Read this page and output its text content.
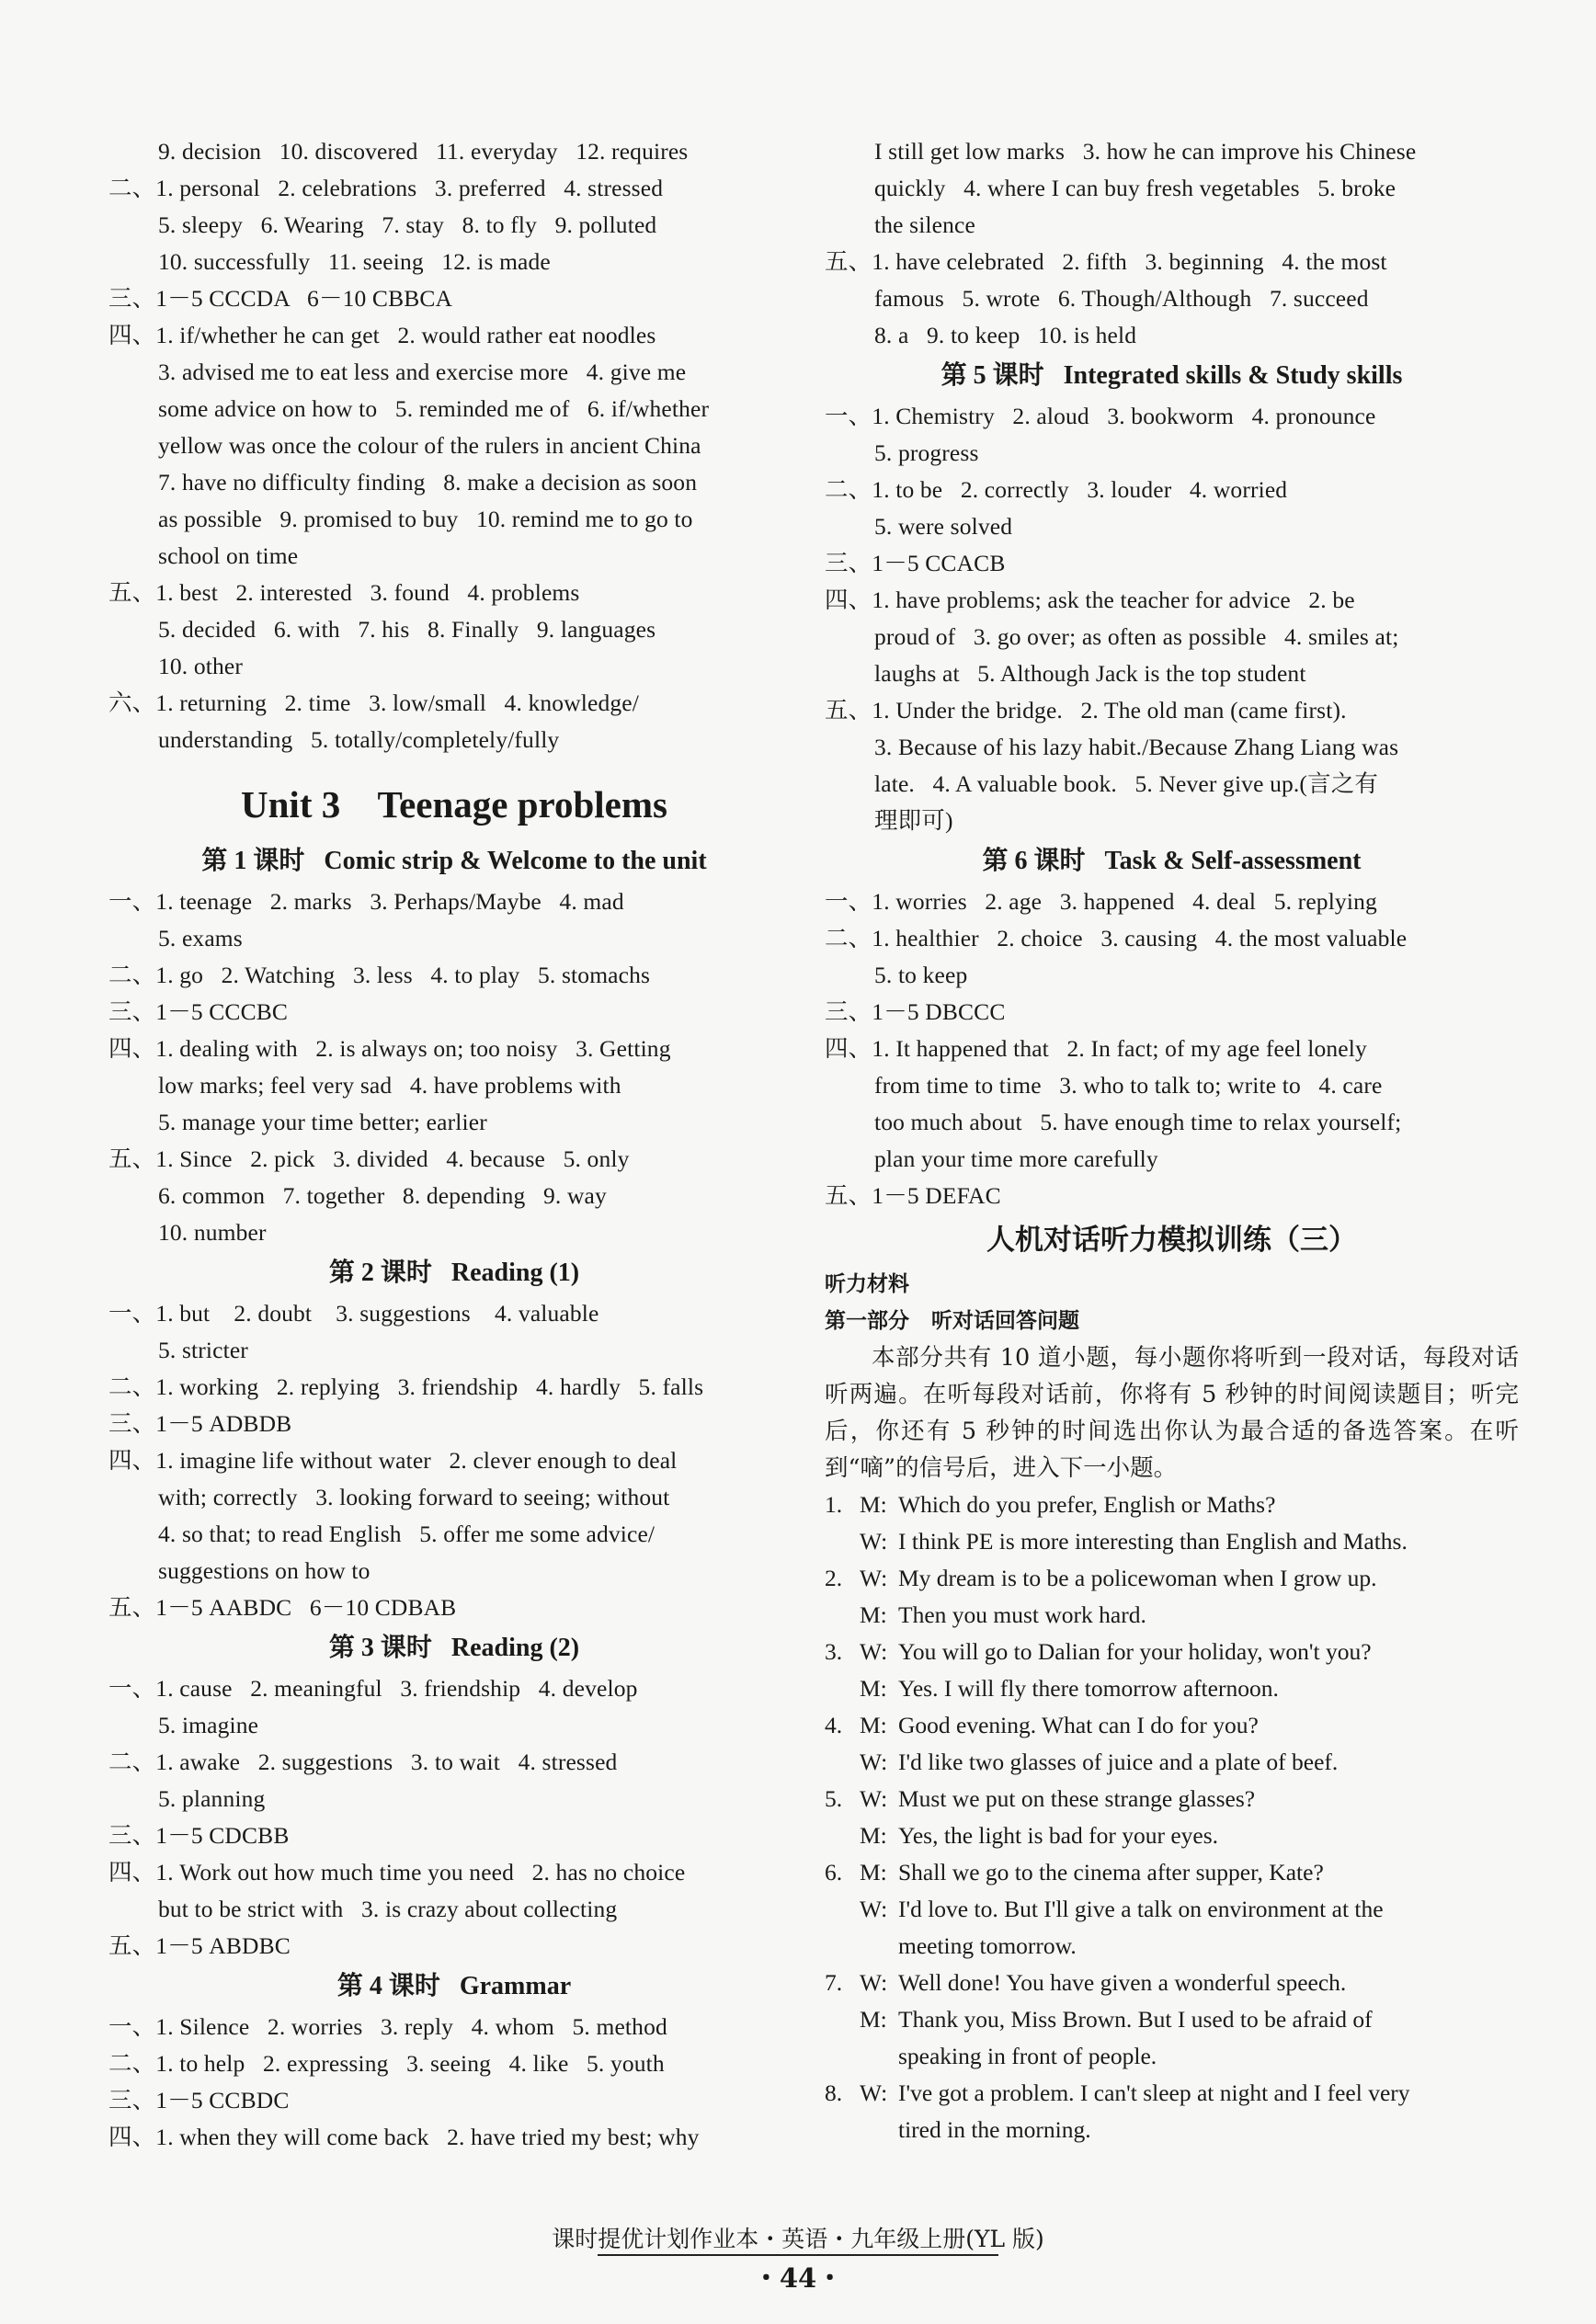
9. decision   10. discovered   11. everyday   12. requires
二、1. personal   2. celebrations   3. preferred   4. stressed
5. sleepy   6. Wearing   7. stay   8. to fly   9. polluted
10. successfully   11. seeing   12. is made
三、1－5 CCCDA   6－10 CBBCA
四、1. if/whether he can get   2. would rather eat noodles
3. advised me to eat less and exercise more   4. give me
some advice on how to   5. reminded me of   6. if/whether
yellow was once the colour of the rulers in ancient China
7. have no difficulty finding   8. make a decision as soon
as possible   9. promised to buy   10. remind me to go to
school on time
五、1. best   2. interested   3. found   4. problems
5. decided   6. with   7. his   8. Finally   9. languages
10. other
六、1. returning   2. time   3. low/small   4. knowledge/
understanding   5. totally/completely/fully
Unit 3    Teenage problems
第 1 课时   Comic strip & Welcome to the unit
一、1. teenage   2. marks   3. Perhaps/Maybe   4. mad
5. exams
二、1. go   2. Watching   3. less   4. to play   5. stomachs
三、1－5 CCCBC
四、1. dealing with   2. is always on; too noisy   3. Getting
low marks; feel very sad   4. have problems with
5. manage your time better; earlier
五、1. Since   2. pick   3. divided   4. because   5. only
6. common   7. together   8. depending   9. way
10. number
第 2 课时   Reading (1)
一、1. but    2. doubt    3. suggestions    4. valuable
5. stricter
二、1. working   2. replying   3. friendship   4. hardly   5. falls
三、1－5 ADBDB
四、1. imagine life without water   2. clever enough to deal
with; correctly   3. looking forward to seeing; without
4. so that; to read English   5. offer me some advice/
suggestions on how to
五、1－5 AABDC   6－10 CDBAB
第 3 课时   Reading (2)
一、1. cause   2. meaningful   3. friendship   4. develop
5. imagine
二、1. awake   2. suggestions   3. to wait   4. stressed
5. planning
三、1－5 CDCBB
四、1. Work out how much time you need   2. has no choice
but to be strict with   3. is crazy about collecting
五、1－5 ABDBC
第 4 课时   Grammar
一、1. Silence   2. worries   3. reply   4. whom   5. method
二、1. to help   2. expressing   3. seeing   4. like   5. youth
三、1－5 CCBDC
四、1. when they will come back   2. have tried my best; why
I still get low marks   3. how he can improve his Chinese
quickly   4. where I can buy fresh vegetables   5. broke
the silence
五、1. have celebrated   2. fifth   3. beginning   4. the most
famous   5. wrote   6. Though/Although   7. succeed
8. a   9. to keep   10. is held
第 5 课时   Integrated skills & Study skills
一、1. Chemistry   2. aloud   3. bookworm   4. pronounce
5. progress
二、1. to be   2. correctly   3. louder   4. worried
5. were solved
三、1－5 CCACB
四、1. have problems; ask the teacher for advice   2. be
proud of   3. go over; as often as possible   4. smiles at;
laughs at   5. Although Jack is the top student
五、1. Under the bridge.   2. The old man (came first).
3. Because of his lazy habit./Because Zhang Liang was
late.   4. A valuable book.   5. Never give up.(言之有
理即可)
第 6 课时   Task & Self-assessment
一、1. worries   2. age   3. happened   4. deal   5. replying
二、1. healthier   2. choice   3. causing   4. the most valuable
5. to keep
三、1－5 DBCCC
四、1. It happened that   2. In fact; of my age feel lonely
from time to time   3. who to talk to; write to   4. care
too much about   5. have enough time to relax yourself;
plan your time more carefully
五、1－5 DEFAC
人机对话听力模拟训练（三）
听力材料
第一部分   听对话回答问题
本部分共有 10 道小题，每小题你将听到一段对话，每段对话听两遍。在听每段对话前，你将有 5 秒钟的时间阅读题目；听完后，你还有 5 秒钟的时间选出你认为最合适的备选答案。在听到“嘀”的信号后，进入下一小题。
1. M: Which do you prefer, English or Maths?
W: I think PE is more interesting than English and Maths.
2. W: My dream is to be a policewoman when I grow up.
M: Then you must work hard.
3. W: You will go to Dalian for your holiday, won't you?
M: Yes. I will fly there tomorrow afternoon.
4. M: Good evening. What can I do for you?
W: I'd like two glasses of juice and a plate of beef.
5. W: Must we put on these strange glasses?
M: Yes, the light is bad for your eyes.
6. M: Shall we go to the cinema after supper, Kate?
W: I'd love to. But I'll give a talk on environment at the
meeting tomorrow.
7. W: Well done! You have given a wonderful speech.
M: Thank you, Miss Brown. But I used to be afraid of
speaking in front of people.
8. W: I've got a problem. I can't sleep at night and I feel very
tired in the morning.
课时提优计划作业本・英语・九年级上册(YL 版)
・44・
